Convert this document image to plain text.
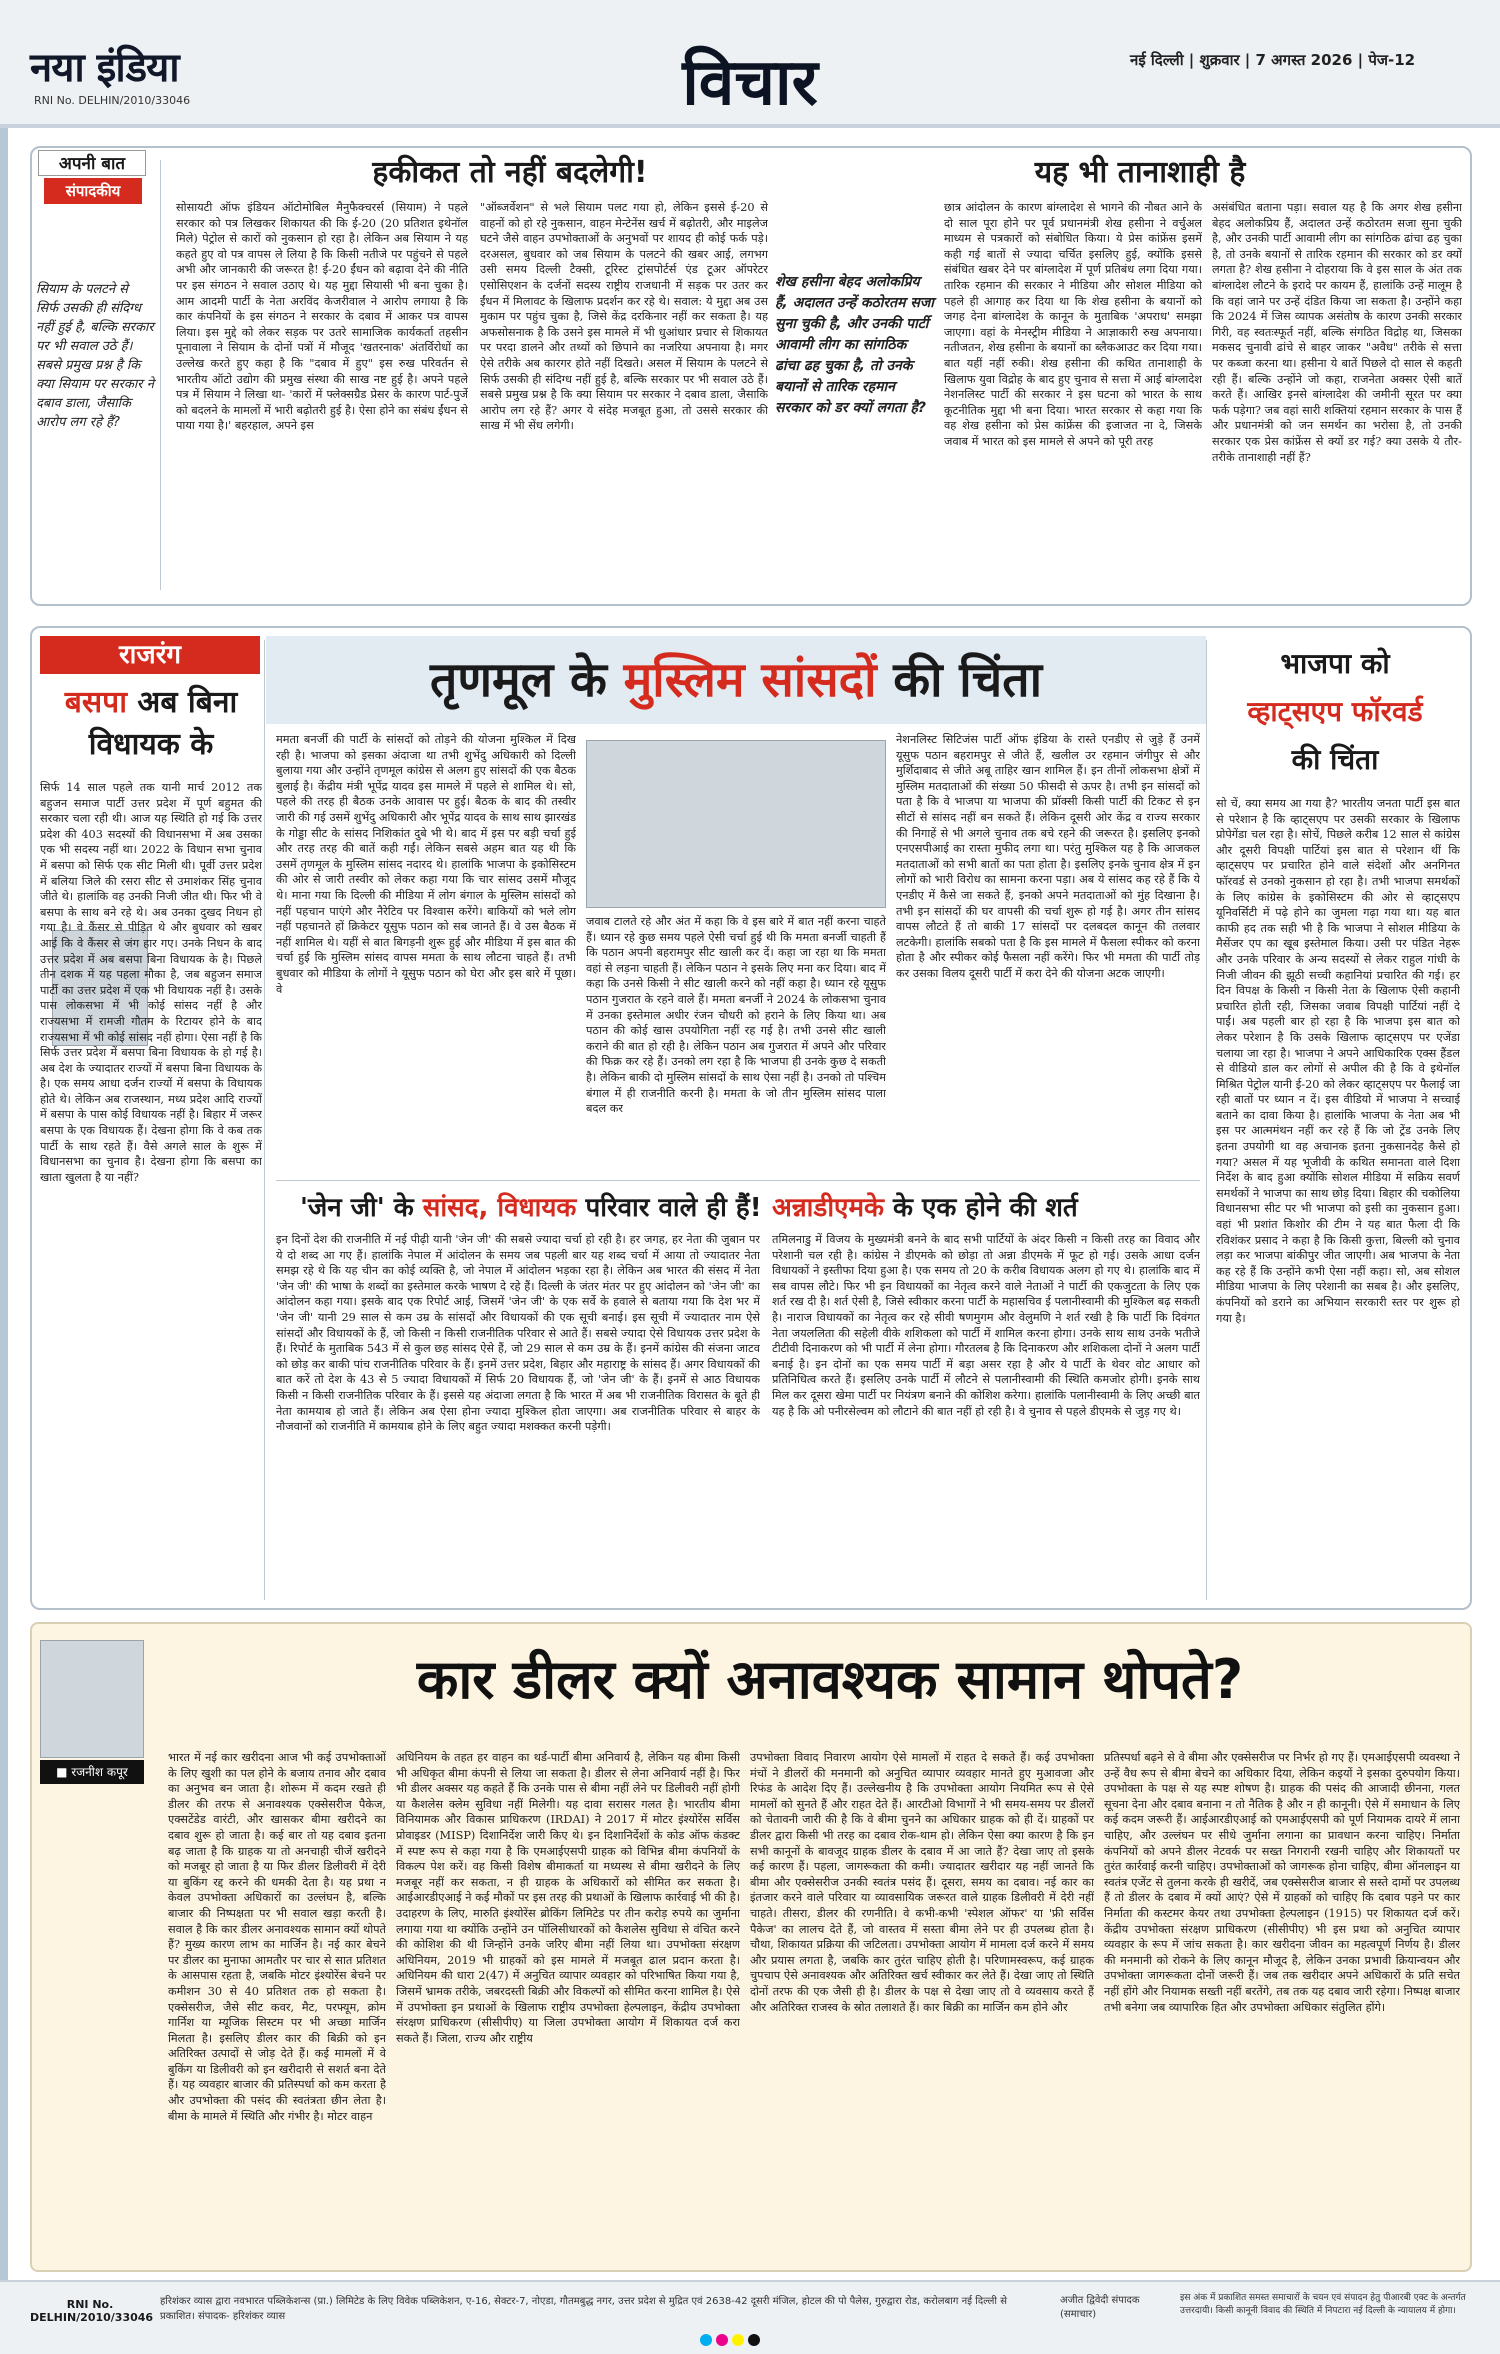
नया इंडिया
RNI No. DELHIN/2010/33046	विचार	नई दिल्ली | शुक्रवार | 7 अगस्त 2026 | पेज-12
अपनी बात
संपादकीय
सियाम के पलटने से सिर्फ उसकी ही संदिग्ध नहीं हुई है, बल्कि सरकार पर भी सवाल उठे हैं। सबसे प्रमुख प्रश्न है कि क्या सियाम पर सरकार ने दबाव डाला, जैसाकि आरोप लग रहे हैं?
हकीकत तो नहीं बदलेगी!
सोसायटी ऑफ इंडियन ऑटोमोबिल मैनुफैक्चरर्स (सियाम) ने पहले सरकार को पत्र लिखकर शिकायत की कि ई-20 (20 प्रतिशत इथेनॉल मिले) पेट्रोल से कारों को नुकसान हो रहा है। लेकिन अब सियाम ने यह कहते हुए वो पत्र वापस ले लिया है कि किसी नतीजे पर पहुंचने से पहले अभी और जानकारी की जरूरत है! ई-20 ईंधन को बढ़ावा देने की नीति पर इस संगठन ने सवाल उठाए थे। यह मुद्दा सियासी भी बना चुका है। आम आदमी पार्टी के नेता अरविंद केजरीवाल ने आरोप लगाया है कि कार कंपनियों के इस संगठन ने सरकार के दबाव में आकर पत्र वापस लिया। इस मुद्दे को लेकर सड़क पर उतरे सामाजिक कार्यकर्ता तहसीन पूनावाला ने सियाम के दोनों पत्रों में मौजूद 'खतरनाक' अंतर्विरोधों का उल्लेख करते हुए कहा है कि "दबाव में हुए" इस रुख परिवर्तन से भारतीय ऑटो उद्योग की प्रमुख संस्था की साख नष्ट हुई है। अपने पहले पत्र में सियाम ने लिखा था- 'कारों में फ्लेक्सग्रैड प्रेसर के कारण पार्ट-पुर्जे को बदलने के मामलों में भारी बढ़ोतरी हुई है। ऐसा होने का संबंध ईंधन से पाया गया है।' बहरहाल, अपने इस
"ऑब्जर्वेशन" से भले सियाम पलट गया हो, लेकिन इससे ई-20 से वाहनों को हो रहे नुकसान, वाहन मेन्टेनेंस खर्च में बढ़ोतरी, और माइलेज घटने जैसे वाहन उपभोक्ताओं के अनुभवों पर शायद ही कोई फर्क पड़े। दरअसल, बुधवार को जब सियाम के पलटने की खबर आई, लगभग उसी समय दिल्ली टैक्सी, टूरिस्ट ट्रांसपोर्टर्स एंड टूअर ऑपरेटर एसोसिएशन के दर्जनों सदस्य राष्ट्रीय राजधानी में सड़क पर उतर कर ईंधन में मिलावट के खिलाफ प्रदर्शन कर रहे थे। सवाल: ये मुद्दा अब उस मुकाम पर पहुंच चुका है, जिसे केंद्र दरकिनार नहीं कर सकता है। यह अफसोसनाक है कि उसने इस मामले में भी धुआंधार प्रचार से शिकायत पर परदा डालने और तथ्यों को छिपाने का नजरिया अपनाया है। मगर ऐसे तरीके अब कारगर होते नहीं दिखते। असल में सियाम के पलटने से सिर्फ उसकी ही संदिग्ध नहीं हुई है, बल्कि सरकार पर भी सवाल उठे हैं। सबसे प्रमुख प्रश्न है कि क्या सियाम पर सरकार ने दबाव डाला, जैसाकि आरोप लग रहे हैं? अगर ये संदेह मजबूत हुआ, तो उससे सरकार की साख में भी सेंध लगेगी।
शेख हसीना बेहद अलोकप्रिय हैं, अदालत उन्हें कठोरतम सजा सुना चुकी है, और उनकी पार्टी आवामी लीग का सांगठिक ढांचा ढह चुका है, तो उनके बयानों से तारिक रहमान सरकार को डर क्यों लगता है?
यह भी तानाशाही है
छात्र आंदोलन के कारण बांग्लादेश से भागने की नौबत आने के दो साल पूरा होने पर पूर्व प्रधानमंत्री शेख हसीना ने वर्चुअल माध्यम से पत्रकारों को संबोधित किया। ये प्रेस कांफ्रेंस इसमें कही गई बातों से ज्यादा चर्चित इसलिए हुई, क्योंकि इससे संबंधित खबर देने पर बांग्लादेश में पूर्ण प्रतिबंध लगा दिया गया। तारिक रहमान की सरकार ने मीडिया और सोशल मीडिया को पहले ही आगाह कर दिया था कि शेख हसीना के बयानों को जगह देना बांग्लादेश के कानून के मुताबिक 'अपराध' समझा जाएगा। वहां के मेनस्ट्रीम मीडिया ने आज्ञाकारी रुख अपनाया। नतीजतन, शेख हसीना के बयानों का ब्लैकआउट कर दिया गया। बात यहीं नहीं रुकी। शेख हसीना की कथित तानाशाही के खिलाफ युवा विद्रोह के बाद हुए चुनाव से सत्ता में आई बांग्लादेश नेशनलिस्ट पार्टी की सरकार ने इस घटना को भारत के साथ कूटनीतिक मुद्दा भी बना दिया। भारत सरकार से कहा गया कि वह शेख हसीना को प्रेस कांफ्रेंस की इजाजत ना दे, जिसके जवाब में भारत को इस मामले से अपने को पूरी तरह
असंबंधित बताना पड़ा। सवाल यह है कि अगर शेख हसीना बेहद अलोकप्रिय हैं, अदालत उन्हें कठोरतम सजा सुना चुकी है, और उनकी पार्टी आवामी लीग का सांगठिक ढांचा ढह चुका है, तो उनके बयानों से तारिक रहमान की सरकार को डर क्यों लगता है? शेख हसीना ने दोहराया कि वे इस साल के अंत तक बांग्लादेश लौटने के इरादे पर कायम हैं, हालांकि उन्हें मालूम है कि वहां जाने पर उन्हें दंडित किया जा सकता है। उन्होंने कहा कि 2024 में जिस व्यापक असंतोष के कारण उनकी सरकार गिरी, वह स्वतःस्फूर्त नहीं, बल्कि संगठित विद्रोह था, जिसका मकसद चुनावी ढांचे से बाहर जाकर "अवैध" तरीके से सत्ता पर कब्जा करना था। हसीना ये बातें पिछले दो साल से कहती रही हैं। बल्कि उन्होंने जो कहा, राजनेता अक्सर ऐसी बातें करते हैं। आखिर इनसे बांग्लादेश की जमीनी सूरत पर क्या फर्क पड़ेगा? जब वहां सारी शक्तियां रहमान सरकार के पास हैं और प्रधानमंत्री को जन समर्थन का भरोसा है, तो उनकी सरकार एक प्रेस कांफ्रेंस से क्यों डर गई? क्या उसके ये तौर-तरीके तानाशाही नहीं हैं?
राजरंग
बसपा अब बिना विधायक के
सिर्फ 14 साल पहले तक यानी मार्च 2012 तक बहुजन समाज पार्टी उत्तर प्रदेश में पूर्ण बहुमत की सरकार चला रही थी। आज यह स्थिति हो गई कि उत्तर प्रदेश की 403 सदस्यों की विधानसभा में अब उसका एक भी सदस्य नहीं था। 2022 के विधान सभा चुनाव में बसपा को सिर्फ एक सीट मिली थी। पूर्वी उत्तर प्रदेश में बलिया जिले की रसरा सीट से उमाशंकर सिंह चुनाव जीते थे। हालांकि वह उनकी निजी जीत थी। फिर भी वे बसपा के साथ बने रहे थे। अब उनका दुखद निधन हो गया है। वे कैंसर से पीड़ित थे और बुधवार को खबर आई कि वे कैंसर से जंग हार गए। उनके निधन के बाद उत्तर प्रदेश में अब बसपा बिना विधायक के है। पिछले तीन दशक में यह पहला मौका है, जब बहुजन समाज पार्टी का उत्तर प्रदेश में एक भी विधायक नहीं है। उसके पास लोकसभा में भी कोई सांसद नहीं है और राज्यसभा में रामजी गौतम के रिटायर होने के बाद राज्यसभा में भी कोई सांसद नहीं होगा। ऐसा नहीं है कि सिर्फ उत्तर प्रदेश में बसपा बिना विधायक के हो गई है। अब देश के ज्यादातर राज्यों में बसपा बिना विधायक के है। एक समय आधा दर्जन राज्यों में बसपा के विधायक होते थे। लेकिन अब राजस्थान, मध्य प्रदेश आदि राज्यों में बसपा के पास कोई विधायक नहीं है। बिहार में जरूर बसपा के एक विधायक हैं। देखना होगा कि वे कब तक पार्टी के साथ रहते हैं। वैसे अगले साल के शुरू में विधानसभा का चुनाव है। देखना होगा कि बसपा का खाता खुलता है या नहीं?
तृणमूल के मुस्लिम सांसदों की चिंता
ममता बनर्जी की पार्टी के सांसदों को तोड़ने की योजना मुश्किल में दिख रही है। भाजपा को इसका अंदाजा था तभी शुभेंदु अधिकारी को दिल्ली बुलाया गया और उन्होंने तृणमूल कांग्रेस से अलग हुए सांसदों की एक बैठक बुलाई है। केंद्रीय मंत्री भूपेंद्र यादव इस मामले में पहले से शामिल थे। सो, पहले की तरह ही बैठक उनके आवास पर हुई। बैठक के बाद की तस्वीर जारी की गई उसमें शुभेंदु अधिकारी और भूपेंद्र यादव के साथ साथ झारखंड के गोड्डा सीट के सांसद निशिकांत दुबे भी थे। बाद में इस पर बड़ी चर्चा हुई और तरह तरह की बातें कही गईं। लेकिन सबसे अहम बात यह थी कि उसमें तृणमूल के मुस्लिम सांसद नदारद थे। हालांकि भाजपा के इकोसिस्टम की ओर से जारी तस्वीर को लेकर कहा गया कि चार सांसद उसमें मौजूद थे। माना गया कि दिल्ली की मीडिया में लोग बंगाल के मुस्लिम सांसदों को नहीं पहचान पाएंगे और नैरेटिव पर विश्वास करेंगे। बाकियों को भले लोग नहीं पहचानते हों क्रिकेटर यूसुफ पठान को सब जानते हैं। वे उस बैठक में नहीं शामिल थे। यहीं से बात बिगड़नी शुरू हुई और मीडिया में इस बात की चर्चा हुई कि मुस्लिम सांसद वापस ममता के साथ लौटना चाहते हैं। तभी बुधवार को मीडिया के लोगों ने यूसुफ पठान को घेरा और इस बारे में पूछा। वे
जवाब टालते रहे और अंत में कहा कि वे इस बारे में बात नहीं करना चाहते हैं। ध्यान रहे कुछ समय पहले ऐसी चर्चा हुई थी कि ममता बनर्जी चाहती हैं कि पठान अपनी बहरामपुर सीट खाली कर दें। कहा जा रहा था कि ममता वहां से लड़ना चाहती हैं। लेकिन पठान ने इसके लिए मना कर दिया। बाद में कहा कि उनसे किसी ने सीट खाली करने को नहीं कहा है। ध्यान रहे यूसुफ पठान गुजरात के रहने वाले हैं। ममता बनर्जी ने 2024 के लोकसभा चुनाव में उनका इस्तेमाल अधीर रंजन चौधरी को हराने के लिए किया था। अब पठान की कोई खास उपयोगिता नहीं रह गई है। तभी उनसे सीट खाली कराने की बात हो रही है। लेकिन पठान अब गुजरात में अपने और परिवार की फिक्र कर रहे हैं। उनको लग रहा है कि भाजपा ही उनके कुछ दे सकती है। लेकिन बाकी दो मुस्लिम सांसदों के साथ ऐसा नहीं है। उनको तो पश्चिम बंगाल में ही राजनीति करनी है। ममता के जो तीन मुस्लिम सांसद पाला बदल कर
नेशनलिस्ट सिटिजंस पार्टी ऑफ इंडिया के रास्ते एनडीए से जुड़े हैं उनमें यूसुफ पठान बहरामपुर से जीते हैं, खलील उर रहमान जंगीपुर से और मुर्शिदाबाद से जीते अबू ताहिर खान शामिल हैं। इन तीनों लोकसभा क्षेत्रों में मुस्लिम मतदाताओं की संख्या 50 फीसदी से ऊपर है। तभी इन सांसदों को पता है कि वे भाजपा या भाजपा की प्रॉक्सी किसी पार्टी की टिकट से इन सीटों से सांसद नहीं बन सकते हैं। लेकिन दूसरी ओर केंद्र व राज्य सरकार की निगाहें से भी अगले चुनाव तक बचे रहने की जरूरत है। इसलिए इनको एनएसपीआई का रास्ता मुफीद लगा था। परंतु मुश्किल यह है कि आजकल मतदाताओं को सभी बातों का पता होता है। इसलिए इनके चुनाव क्षेत्र में इन लोगों को भारी विरोध का सामना करना पड़ा। अब ये सांसद कह रहे हैं कि ये एनडीए में कैसे जा सकते हैं, इनको अपने मतदाताओं को मुंह दिखाना है। तभी इन सांसदों की घर वापसी की चर्चा शुरू हो गई है। अगर तीन सांसद वापस लौटते हैं तो बाकी 17 सांसदों पर दलबदल कानून की तलवार लटकेगी। हालांकि सबको पता है कि इस मामले में फैसला स्पीकर को करना होता है और स्पीकर कोई फैसला नहीं करेंगे। फिर भी ममता की पार्टी तोड़ कर उसका विलय दूसरी पार्टी में करा देने की योजना अटक जाएगी।
भाजपा को
व्हाट्सएप फॉरवर्ड
की चिंता
सो चें, क्या समय आ गया है? भारतीय जनता पार्टी इस बात से परेशान है कि व्हाट्सएप पर उसकी सरकार के खिलाफ प्रोपेगेंडा चल रहा है। सोचें, पिछले करीब 12 साल से कांग्रेस और दूसरी विपक्षी पार्टियां इस बात से परेशान थीं कि व्हाट्सएप पर प्रचारित होने वाले संदेशों और अनगिनत फॉरवर्ड से उनको नुकसान हो रहा है। तभी भाजपा समर्थकों के लिए कांग्रेस के इकोसिस्टम की ओर से व्हाट्सएप यूनिवर्सिटी में पढ़े होने का जुमला गढ़ा गया था। यह बात काफी हद तक सही भी है कि भाजपा ने सोशल मीडिया के मैसेंजर एप का खूब इस्तेमाल किया। उसी पर पंडित नेहरू और उनके परिवार के अन्य सदस्यों से लेकर राहुल गांधी के निजी जीवन की झूठी सच्ची कहानियां प्रचारित की गई। हर दिन विपक्ष के किसी न किसी नेता के खिलाफ ऐसी कहानी प्रचारित होती रही, जिसका जवाब विपक्षी पार्टियां नहीं दे पाईं। अब पहली बार हो रहा है कि भाजपा इस बात को लेकर परेशान है कि उसके खिलाफ व्हाट्सएप पर एजेंडा चलाया जा रहा है। भाजपा ने अपने आधिकारिक एक्स हैंडल से वीडियो डाल कर लोगों से अपील की है कि वे इथेनॉल मिश्रित पेट्रोल यानी ई-20 को लेकर व्हाट्सएप पर फैलाई जा रही बातों पर ध्यान न दें। इस वीडियो में भाजपा ने सच्चाई बताने का दावा किया है। हालांकि भाजपा के नेता अब भी इस पर आत्ममंथन नहीं कर रहे हैं कि जो ट्रेंड उनके लिए इतना उपयोगी था वह अचानक इतना नुकसानदेह कैसे हो गया? असल में यह भूजीवी के कथित समानता वाले दिशा निर्देश के बाद हुआ क्योंकि सोशल मीडिया में सक्रिय सवर्ण समर्थकों ने भाजपा का साथ छोड़ दिया। बिहार की चकोलिया विधानसभा सीट पर भी भाजपा को इसी का नुकसान हुआ। वहां भी प्रशांत किशोर की टीम ने यह बात फैला दी कि रविशंकर प्रसाद ने कहा है कि किसी कुत्ता, बिल्ली को चुनाव लड़ा कर भाजपा बांकीपुर जीत जाएगी। अब भाजपा के नेता कह रहे हैं कि उन्होंने कभी ऐसा नहीं कहा। सो, अब सोशल मीडिया भाजपा के लिए परेशानी का सबब है। और इसलिए, कंपनियों को डराने का अभियान सरकारी स्तर पर शुरू हो गया है।
'जेन जी' के सांसद, विधायक परिवार वाले ही हैं!
इन दिनों देश की राजनीति में नई पीढ़ी यानी 'जेन जी' की सबसे ज्यादा चर्चा हो रही है। हर जगह, हर नेता की जुबान पर ये दो शब्द आ गए हैं। हालांकि नेपाल में आंदोलन के समय जब पहली बार यह शब्द चर्चा में आया तो ज्यादातर नेता समझ रहे थे कि यह चीन का कोई व्यक्ति है, जो नेपाल में आंदोलन भड़का रहा है। लेकिन अब भारत की संसद में नेता 'जेन जी' की भाषा के शब्दों का इस्तेमाल करके भाषण दे रहे हैं। दिल्ली के जंतर मंतर पर हुए आंदोलन को 'जेन जी' का आंदोलन कहा गया। इसके बाद एक रिपोर्ट आई, जिसमें 'जेन जी' के एक सर्वे के हवाले से बताया गया कि देश भर में 'जेन जी' यानी 29 साल से कम उम्र के सांसदों और विधायकों की एक सूची बनाई। इस सूची में ज्यादातर नाम ऐसे सांसदों और विधायकों के हैं, जो किसी न किसी राजनीतिक परिवार से आते हैं। सबसे ज्यादा ऐसे विधायक उत्तर प्रदेश के हैं। रिपोर्ट के मुताबिक 543 में से कुल छह सांसद ऐसे हैं, जो 29 साल से कम उम्र के हैं। इनमें कांग्रेस की संजना जाटव को छोड़ कर बाकी पांच राजनीतिक परिवार के हैं। इनमें उत्तर प्रदेश, बिहार और महाराष्ट्र के सांसद हैं। अगर विधायकों की बात करें तो देश के 43 से 5 ज्यादा विधायकों में सिर्फ 20 विधायक हैं, जो 'जेन जी' के हैं। इनमें से आठ विधायक किसी न किसी राजनीतिक परिवार के हैं। इससे यह अंदाजा लगता है कि भारत में अब भी राजनीतिक विरासत के बूते ही नेता कामयाब हो जाते हैं। लेकिन अब ऐसा होना ज्यादा मुश्किल होता जाएगा। अब राजनीतिक परिवार से बाहर के नौजवानों को राजनीति में कामयाब होने के लिए बहुत ज्यादा मशक्कत करनी पड़ेगी।
अन्नाडीएमके के एक होने की शर्त
तमिलनाडु में विजय के मुख्यमंत्री बनने के बाद सभी पार्टियों के अंदर किसी न किसी तरह का विवाद और परेशानी चल रही है। कांग्रेस ने डीएमके को छोड़ा तो अन्ना डीएमके में फूट हो गई। उसके आधा दर्जन विधायकों ने इस्तीफा दिया हुआ है। एक समय तो 20 के करीब विधायक अलग हो गए थे। हालांकि बाद में सब वापस लौटे। फिर भी इन विधायकों का नेतृत्व करने वाले नेताओं ने पार्टी की एकजुटता के लिए एक शर्त रख दी है। शर्त ऐसी है, जिसे स्वीकार करना पार्टी के महासचिव ई पलानीस्वामी की मुश्किल बढ़ सकती है। नाराज विधायकों का नेतृत्व कर रहे सीवी षणमुगम और वेलुमणि ने शर्त रखी है कि पार्टी कि दिवंगत नेता जयललिता की सहेली वीके शशिकला को पार्टी में शामिल करना होगा। उनके साथ साथ उनके भतीजे टीटीवी दिनाकरण को भी पार्टी में लेना होगा। गौरतलब है कि दिनाकरण और शशिकला दोनों ने अलग पार्टी बनाई है। इन दोनों का एक समय पार्टी में बड़ा असर रहा है और ये पार्टी के थेवर वोट आधार को प्रतिनिधित्व करते हैं। इसलिए उनके पार्टी में लौटने से पलानीस्वामी की स्थिति कमजोर होगी। इनके साथ मिल कर दूसरा खेमा पार्टी पर नियंत्रण बनाने की कोशिश करेगा। हालांकि पलानीस्वामी के लिए अच्छी बात यह है कि ओ पनीरसेल्वम को लौटाने की बात नहीं हो रही है। वे चुनाव से पहले डीएमके से जुड़ गए थे।
■ रजनीश कपूर
कार डीलर क्यों अनावश्यक सामान थोपते?
भारत में नई कार खरीदना आज भी कई उपभोक्ताओं के लिए खुशी का पल होने के बजाय तनाव और दबाव का अनुभव बन जाता है। शोरूम में कदम रखते ही डीलर की तरफ से अनावश्यक एक्सेसरीज पैकेज, एक्सटेंडेड वारंटी, और खासकर बीमा खरीदने का दबाव शुरू हो जाता है। कई बार तो यह दबाव इतना बढ़ जाता है कि ग्राहक या तो अनचाही चीजें खरीदने को मजबूर हो जाता है या फिर डीलर डिलीवरी में देरी या बुकिंग रद्द करने की धमकी देता है। यह प्रथा न केवल उपभोक्ता अधिकारों का उल्लंघन है, बल्कि बाजार की निष्पक्षता पर भी सवाल खड़ा करती है। सवाल है कि कार डीलर अनावश्यक सामान क्यों थोपते हैं? मुख्य कारण लाभ का मार्जिन है। नई कार बेचने पर डीलर का मुनाफा आमतौर पर चार से सात प्रतिशत के आसपास रहता है, जबकि मोटर इंश्योरेंस बेचने पर कमीशन 30 से 40 प्रतिशत तक हो सकता है। एक्सेसरीज, जैसे सीट कवर, मैट, परफ्यूम, क्रोम गार्निश या म्यूजिक सिस्टम पर भी अच्छा मार्जिन मिलता है। इसलिए डीलर कार की बिक्री को इन अतिरिक्त उत्पादों से जोड़ देते हैं। कई मामलों में वे बुकिंग या डिलीवरी को इन खरीदारी से सशर्त बना देते हैं। यह व्यवहार बाजार की प्रतिस्पर्धा को कम करता है और उपभोक्ता की पसंद की स्वतंत्रता छीन लेता है। बीमा के मामले में स्थिति और गंभीर है। मोटर वाहन
अधिनियम के तहत हर वाहन का थर्ड-पार्टी बीमा अनिवार्य है, लेकिन यह बीमा किसी भी अधिकृत बीमा कंपनी से लिया जा सकता है। डीलर से लेना अनिवार्य नहीं है। फिर भी डीलर अक्सर यह कहते हैं कि उनके पास से बीमा नहीं लेने पर डिलीवरी नहीं होगी या कैशलेस क्लेम सुविधा नहीं मिलेगी। यह दावा सरासर गलत है। भारतीय बीमा विनियामक और विकास प्राधिकरण (IRDAI) ने 2017 में मोटर इंश्योरेंस सर्विस प्रोवाइडर (MISP) दिशानिर्देश जारी किए थे। इन दिशानिर्देशों के कोड ऑफ कंडक्ट में स्पष्ट रूप से कहा गया है कि एमआईएसपी ग्राहक को विभिन्न बीमा कंपनियों के विकल्प पेश करें। वह किसी विशेष बीमाकर्ता या मध्यस्थ से बीमा खरीदने के लिए मजबूर नहीं कर सकता, न ही ग्राहक के अधिकारों को सीमित कर सकता है। आईआरडीएआई ने कई मौकों पर इस तरह की प्रथाओं के खिलाफ कार्रवाई भी की है। उदाहरण के लिए, मारुति इंश्योरेंस ब्रोकिंग लिमिटेड पर तीन करोड़ रुपये का जुर्माना लगाया गया था क्योंकि उन्होंने उन पॉलिसीधारकों को कैशलेस सुविधा से वंचित करने की कोशिश की थी जिन्होंने उनके जरिए बीमा नहीं लिया था। उपभोक्ता संरक्षण अधिनियम, 2019 भी ग्राहकों को इस मामले में मजबूत ढाल प्रदान करता है। अधिनियम की धारा 2(47) में अनुचित व्यापार व्यवहार को परिभाषित किया गया है, जिसमें भ्रामक तरीके, जबरदस्ती बिक्री और विकल्पों को सीमित करना शामिल है। ऐसे में उपभोक्ता इन प्रथाओं के खिलाफ राष्ट्रीय उपभोक्ता हेल्पलाइन, केंद्रीय उपभोक्ता संरक्षण प्राधिकरण (सीसीपीए) या जिला उपभोक्ता आयोग में शिकायत दर्ज करा सकते हैं। जिला, राज्य और राष्ट्रीय
उपभोक्ता विवाद निवारण आयोग ऐसे मामलों में राहत दे सकते हैं। कई उपभोक्ता मंचों ने डीलरों की मनमानी को अनुचित व्यापार व्यवहार मानते हुए मुआवजा और रिफंड के आदेश दिए हैं। उल्लेखनीय है कि उपभोक्ता आयोग नियमित रूप से ऐसे मामलों को सुनते हैं और राहत देते हैं। आरटीओ विभागों ने भी समय-समय पर डीलरों को चेतावनी जारी की है कि वे बीमा चुनने का अधिकार ग्राहक को ही दें। ग्राहकों पर डीलर द्वारा किसी भी तरह का दबाव रोक-थाम हो। लेकिन ऐसा क्या कारण है कि इन सभी कानूनों के बावजूद ग्राहक डीलर के दबाव में आ जाते हैं? देखा जाए तो इसके कई कारण हैं। पहला, जागरूकता की कमी। ज्यादातर खरीदार यह नहीं जानते कि बीमा और एक्सेसरीज उनकी स्वतंत्र पसंद हैं। दूसरा, समय का दबाव। नई कार का इंतजार करने वाले परिवार या व्यावसायिक जरूरत वाले ग्राहक डिलीवरी में देरी नहीं चाहते। तीसरा, डीलर की रणनीति। वे कभी-कभी 'स्पेशल ऑफर' या 'फ्री सर्विस पैकेज' का लालच देते हैं, जो वास्तव में सस्ता बीमा लेने पर ही उपलब्ध होता है। चौथा, शिकायत प्रक्रिया की जटिलता। उपभोक्ता आयोग में मामला दर्ज करने में समय और प्रयास लगता है, जबकि कार तुरंत चाहिए होती है। परिणामस्वरूप, कई ग्राहक चुपचाप ऐसे अनावश्यक और अतिरिक्त खर्च स्वीकार कर लेते हैं। देखा जाए तो स्थिति दोनों तरफ की एक जैसी ही है। डीलर के पक्ष से देखा जाए तो वे व्यवसाय करते हैं और अतिरिक्त राजस्व के स्रोत तलाशते हैं। कार बिक्री का मार्जिन कम होने और
प्रतिस्पर्धा बढ़ने से वे बीमा और एक्सेसरीज पर निर्भर हो गए हैं। एमआईएसपी व्यवस्था ने उन्हें वैध रूप से बीमा बेचने का अधिकार दिया, लेकिन कइयों ने इसका दुरुपयोग किया। उपभोक्ता के पक्ष से यह स्पष्ट शोषण है। ग्राहक की पसंद की आजादी छीनना, गलत सूचना देना और दबाव बनाना न तो नैतिक है और न ही कानूनी। ऐसे में समाधान के लिए कई कदम जरूरी हैं। आईआरडीएआई को एमआईएसपी को पूर्ण नियामक दायरे में लाना चाहिए, और उल्लंघन पर सीधे जुर्माना लगाना का प्रावधान करना चाहिए। निर्माता कंपनियों को अपने डीलर नेटवर्क पर सख्त निगरानी रखनी चाहिए और शिकायतों पर तुरंत कार्रवाई करनी चाहिए। उपभोक्ताओं को जागरूक होना चाहिए, बीमा ऑनलाइन या स्वतंत्र एजेंट से तुलना करके ही खरीदें, जब एक्सेसरीज बाजार से सस्ते दामों पर उपलब्ध हैं तो डीलर के दबाव में क्यों आएं? ऐसे में ग्राहकों को चाहिए कि दबाव पड़ने पर कार निर्माता की कस्टमर केयर तथा उपभोक्ता हेल्पलाइन (1915) पर शिकायत दर्ज करें। केंद्रीय उपभोक्ता संरक्षण प्राधिकरण (सीसीपीए) भी इस प्रथा को अनुचित व्यापार व्यवहार के रूप में जांच सकता है। कार खरीदना जीवन का महत्वपूर्ण निर्णय है। डीलर की मनमानी को रोकने के लिए कानून मौजूद है, लेकिन उनका प्रभावी क्रियान्वयन और उपभोक्ता जागरूकता दोनों जरूरी हैं। जब तक खरीदार अपने अधिकारों के प्रति सचेत नहीं होंगे और नियामक सख्ती नहीं बरतेंगे, तब तक यह दबाव जारी रहेगा। निष्पक्ष बाजार तभी बनेगा जब व्यापारिक हित और उपभोक्ता अधिकार संतुलित होंगे।
RNI No. DELHIN/2010/33046
हरिशंकर व्यास द्वारा नवभारत पब्लिकेशन्स (प्रा.) लिमिटेड के लिए विवेक पब्लिकेशन, ए-16, सेक्टर-7, नोएडा, गौतमबुद्ध नगर, उत्तर प्रदेश से मुद्रित एवं 2638-42 दूसरी मंजिल, होटल की पो पैलेस, गुरुद्वारा रोड, करोलबाग नई दिल्ली से प्रकाशित। संपादक- हरिशंकर व्यास
अजीत द्विवेदी संपादक (समाचार)
इस अंक में प्रकाशित समस्त समाचारों के चयन एवं संपादन हेतु पीआरबी एक्ट के अन्तर्गत उत्तरदायी। किसी कानूनी विवाद की स्थिति में निपटारा नई दिल्ली के न्यायालय में होगा।
